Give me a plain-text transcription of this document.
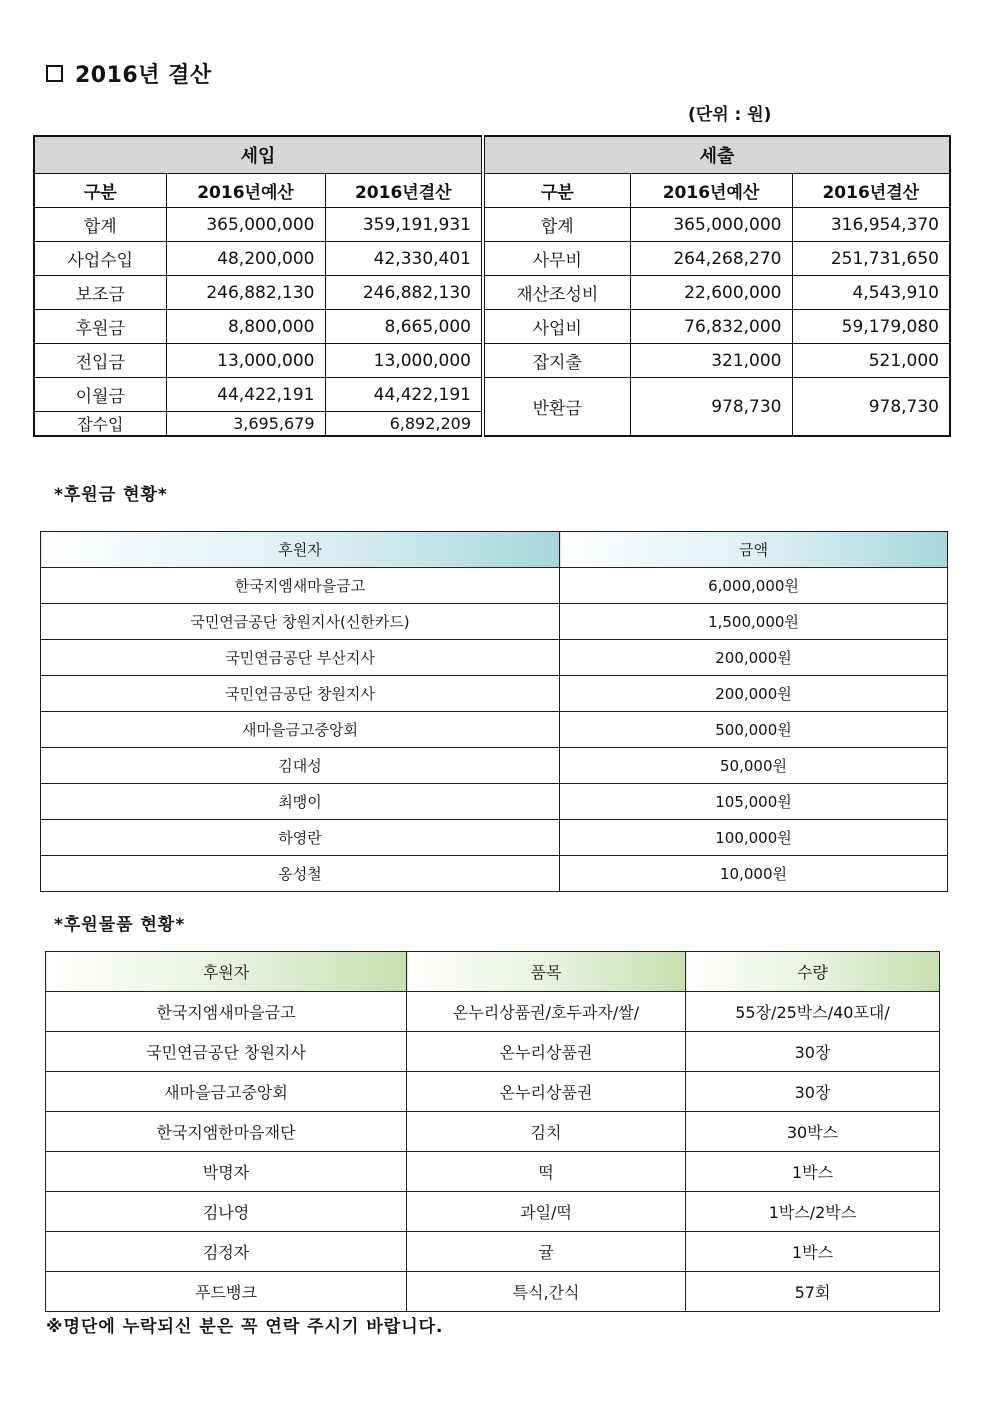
2016년 결산
(단위 : 원)
세입			세출		
구분	2016년예산	2016년결산	구분	2016년예산	2016년결산
합계	365,000,000	359,191,931	합계	365,000,000	316,954,370
사업수입	48,200,000	42,330,401	사무비	264,268,270	251,731,650
보조금	246,882,130	246,882,130	재산조성비	22,600,000	4,543,910
후원금	8,800,000	8,665,000	사업비	76,832,000	59,179,080
전입금	13,000,000	13,000,000	잡지출	321,000	521,000
이월금	44,422,191	44,422,191	반환금	978,730	978,730
잡수입	3,695,679	6,892,209			
*후원금 현황*
후원자	금액
한국지엠새마을금고	6,000,000원
국민연금공단 창원지사(신한카드)	1,500,000원
국민연금공단 부산지사	200,000원
국민연금공단 창원지사	200,000원
새마을금고중앙회	500,000원
김대성	50,000원
최맹이	105,000원
하영란	100,000원
옹성철	10,000원
*후원물품 현황*
후원자	품목	수량
한국지엠새마을금고	온누리상품권/호두과자/쌀/	55장/25박스/40포대/
국민연금공단 창원지사	온누리상품권	30장
새마을금고중앙회	온누리상품권	30장
한국지엠한마음재단	김치	30박스
박명자	떡	1박스
김나영	과일/떡	1박스/2박스
김정자	귤	1박스
푸드뱅크	특식,간식	57회
※명단에 누락되신 분은 꼭 연락 주시기 바랍니다.
